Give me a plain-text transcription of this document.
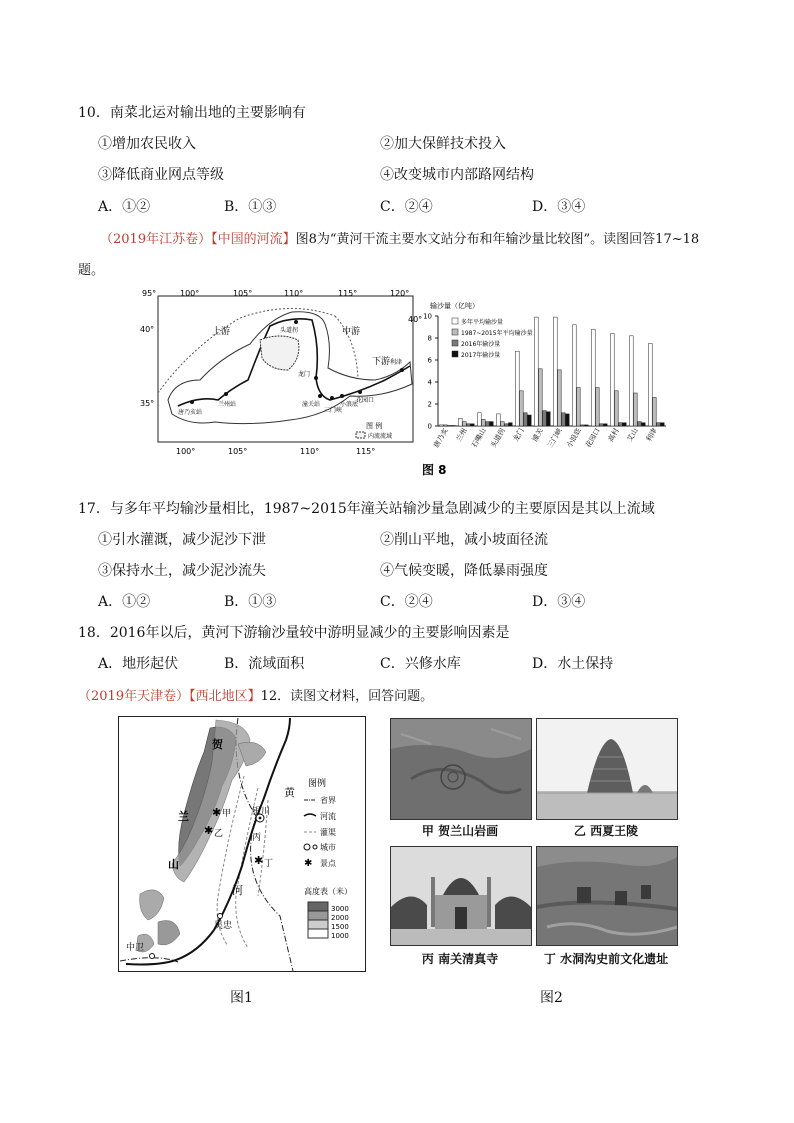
10．南菜北运对输出地的主要影响有
①增加农民收入	②加大保鲜技术投入
③降低商业网点等级	④改变城市内部路网结构
A．①②	B．①③	C．②④	D．③④
（2019年江苏卷）【中国的河流】图8为“黄河干流主要水文站分布和年输沙量比较图”。读图回答17~18
题。
95°	100°	105°	110°	115°	120°
100°	105°	110°	115°
40°
35°
40°
唐乃亥站
兰州站
头道拐
龙门
潼关站
三门峡
小浪底
花园口
利津
上游	中游
下游
图 例
内流流域
输沙量（亿吨）
0
2
4
6
8
10
唐乃亥 兰州 石嘴山 头道拐 龙门 潼关 三门峡 小浪底 花园口 高村 艾山 利津
多年平均输沙量
1987~2015年平均输沙量
2016年输沙量
2017年输沙量
图 8
17．与多年平均输沙量相比，1987~2015年潼关站输沙量急剧减少的主要原因是其以上流域
①引水灌溉，减少泥沙下泄	②削山平地，减小坡面径流
③保持水土，减少泥沙流失	④气候变暖，降低暴雨强度
A．①②	B．①③	C．②④	D．③④
18．2016年以后，黄河下游输沙量较中游明显减少的主要影响因素是
A．地形起伏	B．流域面积	C．兴修水库	D．水土保持
（2019年天津卷）【西北地区】12．读图文材料，回答问题。
✱
✱
✱
贺
兰
山
黄
河
甲
乙	丙
丁
银川
吴忠
中卫
图例
省界
河流
灌渠
城市
✱ 景点
高度表（米）
3000
2000
1500
1000
图1
甲 贺兰山岩画	乙 西夏王陵
丙 南关清真寺	丁 水洞沟史前文化遗址
图2
